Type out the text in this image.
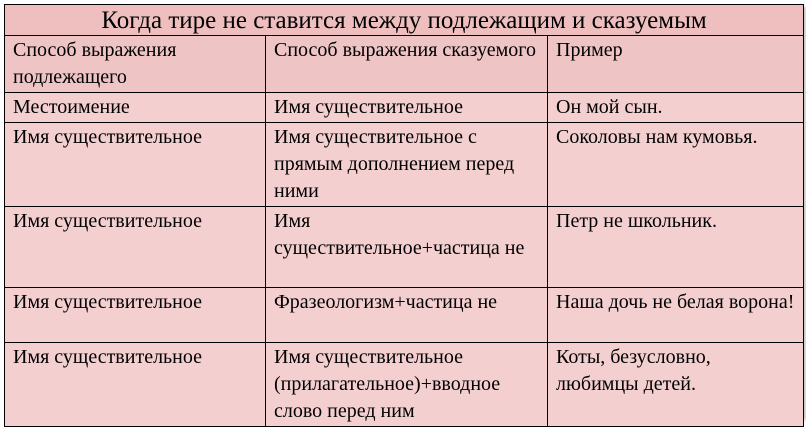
Когда тире не ставится между подлежащим и сказуемым		
Способ выражения подлежащего	Способ выражения сказуемого	Пример
Местоимение	Имя существительное	Он мой сын.
Имя существительное	Имя существительное с прямым дополнением перед ними	Соколовы нам кумовья.
Имя существительное	Имя существительное+частица не	Петр не школьник.
Имя существительное	Фразеологизм+частица не	Наша дочь не белая ворона!
Имя существительное	Имя существительное (прилагательное)+вводное слово перед ним	Коты, безусловно, любимцы детей.
